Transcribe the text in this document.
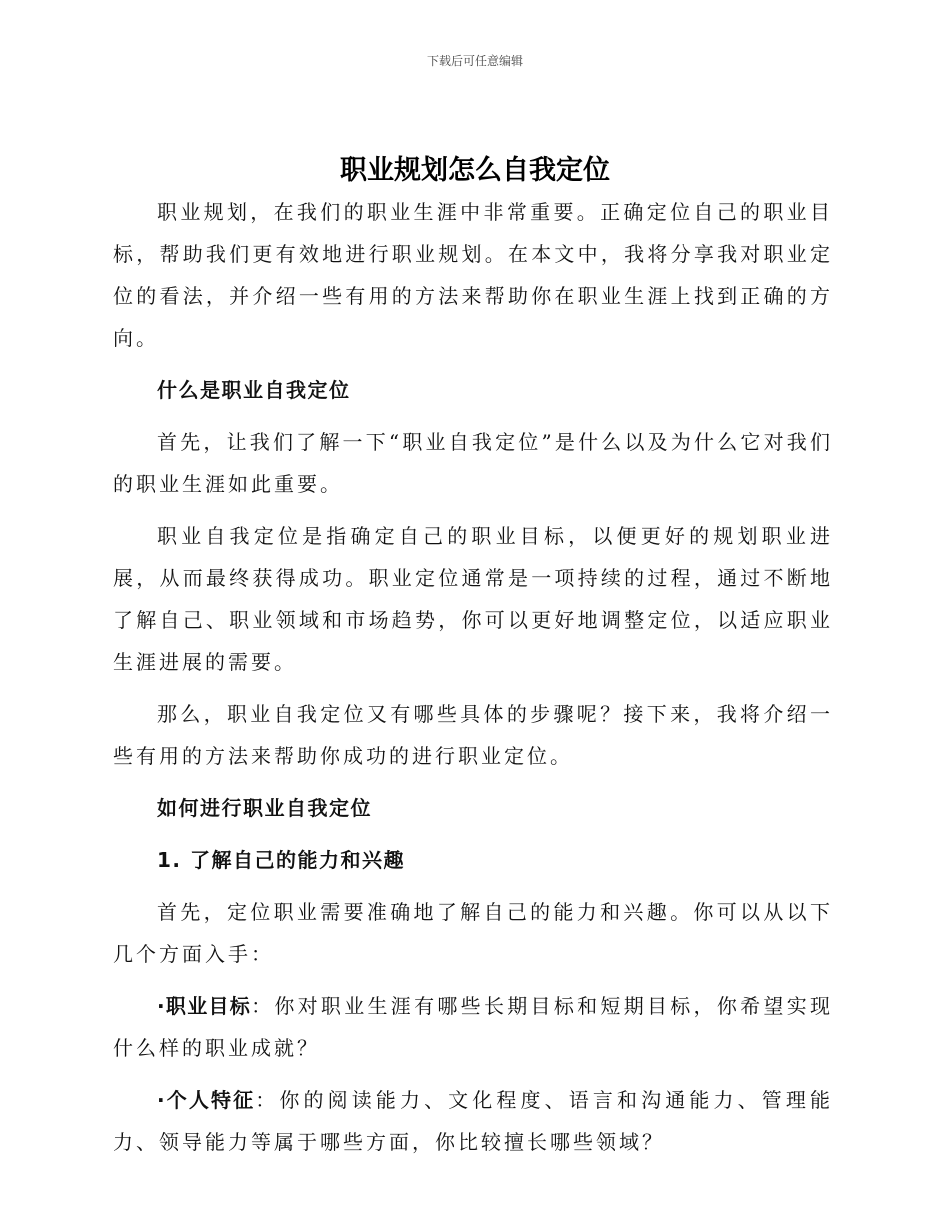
下载后可任意编辑
职业规划怎么自我定位

职业规划，在我们的职业生涯中非常重要。正确定位自己的职业目标，帮助我们更有效地进行职业规划。在本文中，我将分享我对职业定位的看法，并介绍一些有用的方法来帮助你在职业生涯上找到正确的方向。

什么是职业自我定位

首先，让我们了解一下“职业自我定位”是什么以及为什么它对我们的职业生涯如此重要。

职业自我定位是指确定自己的职业目标，以便更好的规划职业进展，从而最终获得成功。职业定位通常是一项持续的过程，通过不断地了解自己、职业领域和市场趋势，你可以更好地调整定位，以适应职业生涯进展的需要。

那么，职业自我定位又有哪些具体的步骤呢？接下来，我将介绍一些有用的方法来帮助你成功的进行职业定位。

如何进行职业自我定位

1. 了解自己的能力和兴趣

首先，定位职业需要准确地了解自己的能力和兴趣。你可以从以下几个方面入手：

·职业目标：你对职业生涯有哪些长期目标和短期目标，你希望实现什么样的职业成就？

·个人特征：你的阅读能力、文化程度、语言和沟通能力、管理能力、领导能力等属于哪些方面，你比较擅长哪些领域？
